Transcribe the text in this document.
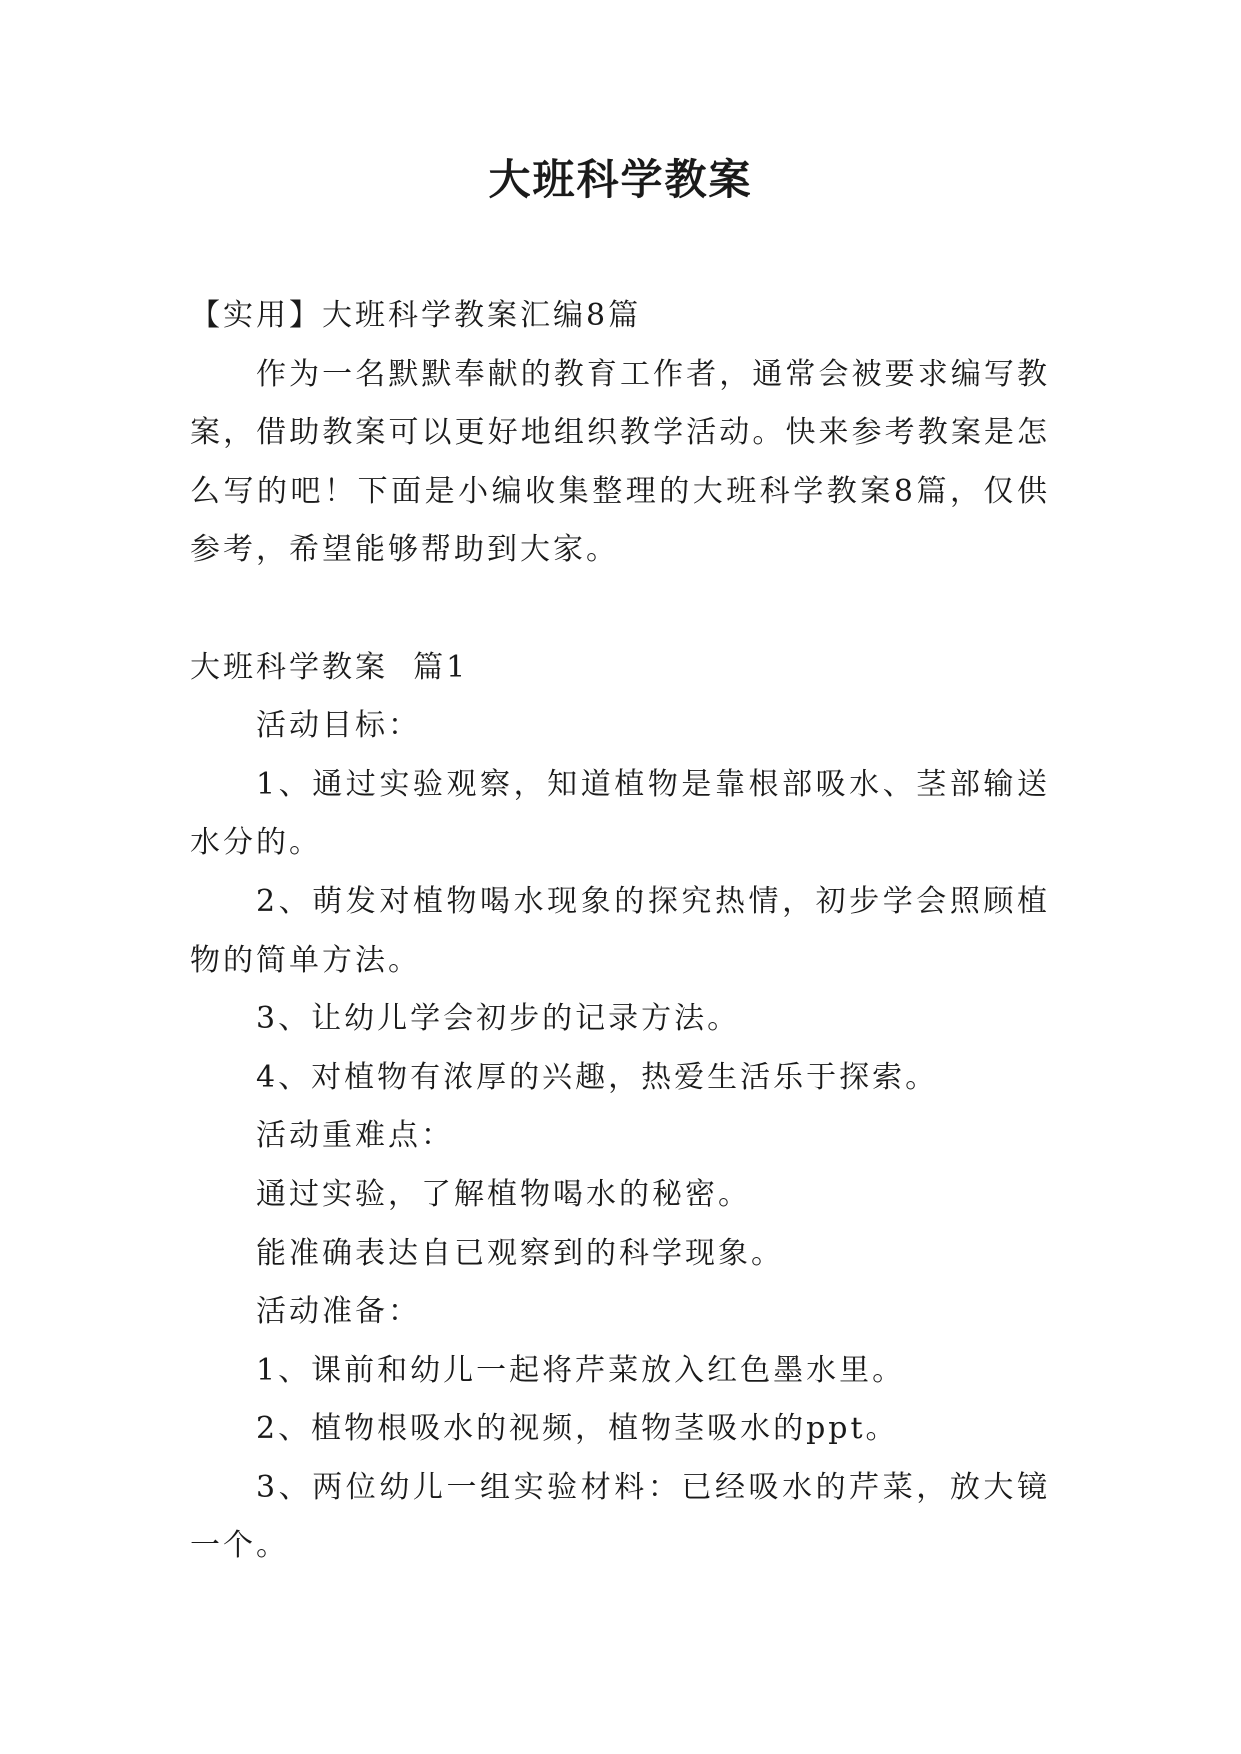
大班科学教案

【实用】大班科学教案汇编8篇

作为一名默默奉献的教育工作者，通常会被要求编写教案，借助教案可以更好地组织教学活动。快来参考教案是怎么写的吧！下面是小编收集整理的大班科学教案8篇，仅供参考，希望能够帮助到大家。

大班科学教案  篇1

活动目标：

1、通过实验观察，知道植物是靠根部吸水、茎部输送水分的。

2、萌发对植物喝水现象的探究热情，初步学会照顾植物的简单方法。

3、让幼儿学会初步的记录方法。

4、对植物有浓厚的兴趣，热爱生活乐于探索。

活动重难点：

通过实验，了解植物喝水的秘密。

能准确表达自已观察到的科学现象。

活动准备：

1、课前和幼儿一起将芹菜放入红色墨水里。

2、植物根吸水的视频，植物茎吸水的ppt。

3、两位幼儿一组实验材料：已经吸水的芹菜，放大镜一个。
